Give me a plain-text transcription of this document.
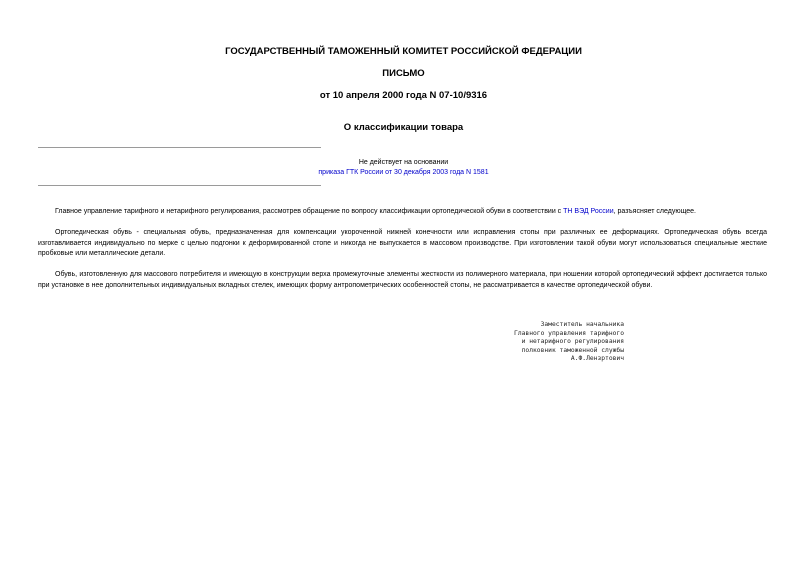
ГОСУДАРСТВЕННЫЙ ТАМОЖЕННЫЙ КОМИТЕТ РОССИЙСКОЙ ФЕДЕРАЦИИ
ПИСЬМО
от 10 апреля 2000 года N 07-10/9316
О классификации товара
Не действует на основании
приказа ГТК России от 30 декабря 2003 года N 1581
Главное управление тарифного и нетарифного регулирования, рассмотрев обращение по вопросу классификации ортопедической обуви в соответствии с ТН ВЭД России, разъясняет следующее.
Ортопедическая обувь - специальная обувь, предназначенная для компенсации укороченной нижней конечности или исправления стопы при различных ее деформациях. Ортопедическая обувь всегда изготавливается индивидуально по мерке с целью подгонки к деформированной стопе и никогда не выпускается в массовом производстве. При изготовлении такой обуви могут использоваться специальные жесткие пробковые или металлические детали.
Обувь, изготовленную для массового потребителя и имеющую в конструкции верха промежуточные элементы жесткости из полимерного материала, при ношении которой ортопедический эффект достигается только при установке в нее дополнительных индивидуальных вкладных стелек, имеющих форму антропометрических особенностей стопы, не рассматривается в качестве ортопедической обуви.
Заместитель начальника
Главного управления тарифного
и нетарифного регулирования
полковник таможенной службы
А.Ф.Лензртович
